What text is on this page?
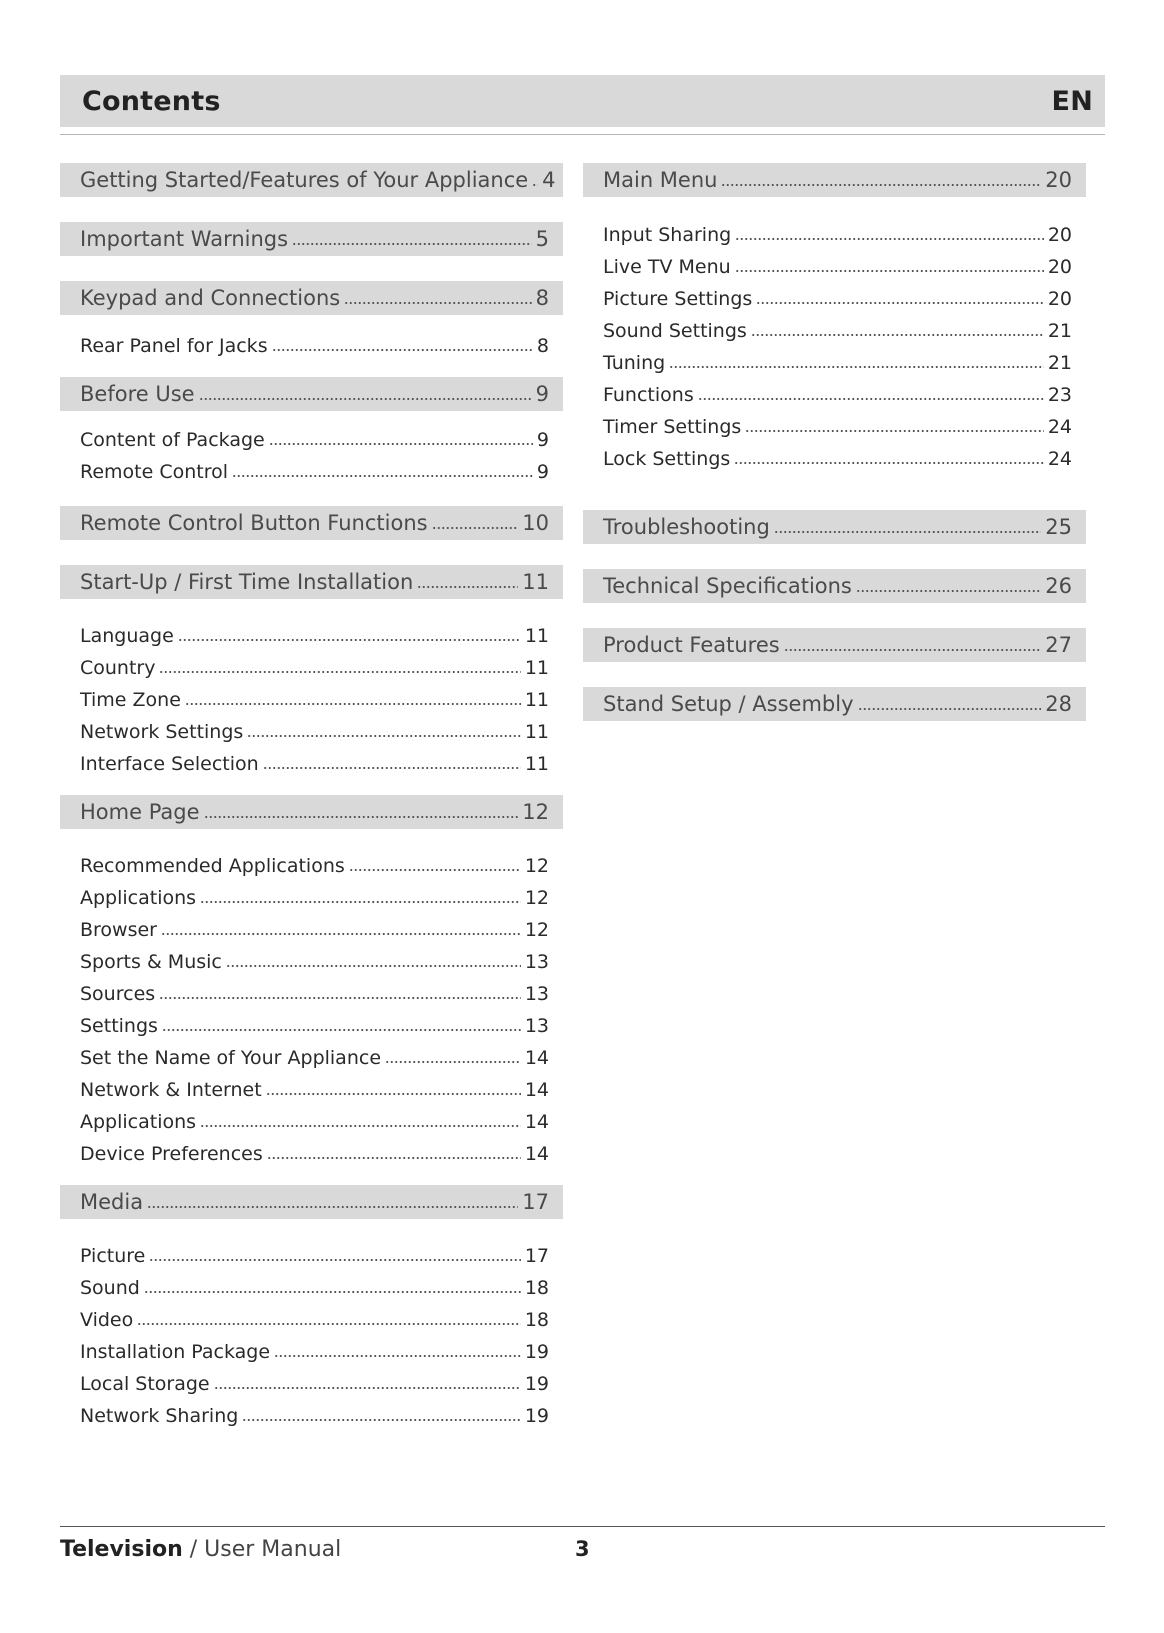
Contents	EN
Getting Started/Features of Your Appliance 4
Important Warnings	5
Keypad and Connections	8
Rear Panel for Jacks	8
Before Use	9
Content of Package	9
Remote Control	9
Remote Control Button Functions	10
Start-Up / First Time Installation	11
Language	11
Country	11
Time Zone	11
Network Settings	11
Interface Selection	11
Home Page	12
Recommended Applications	12
Applications	12
Browser	12
Sports & Music	13
Sources	13
Settings	13
Set the Name of Your Appliance	14
Network & Internet	14
Applications	14
Device Preferences	14
Media	17
Picture	17
Sound	18
Video	18
Installation Package	19
Local Storage	19
Network Sharing	19
Main Menu	20
Input Sharing	20
Live TV Menu	20
Picture Settings	20
Sound Settings	21
Tuning	21
Functions	23
Timer Settings	24
Lock Settings	24
Troubleshooting	25
Technical Specifications	26
Product Features	27
Stand Setup / Assembly	28
Television / User Manual	3
